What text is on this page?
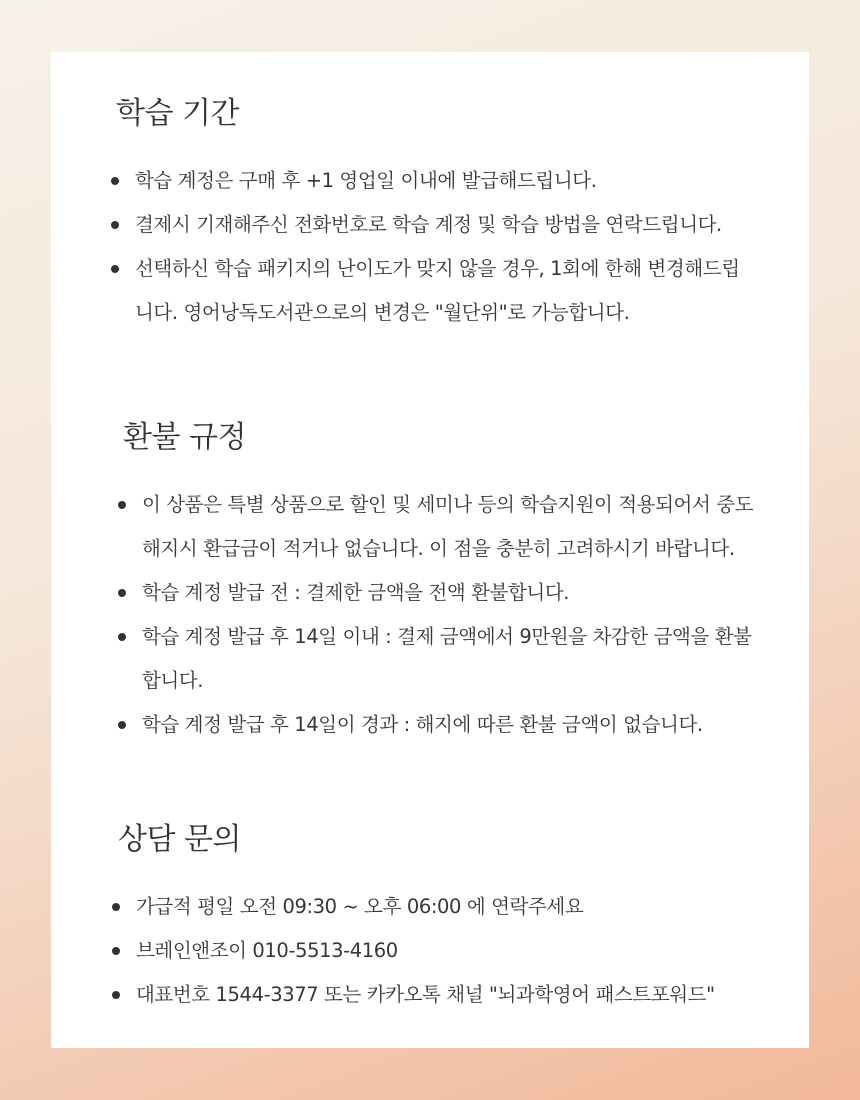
학습 기간
학습 계정은 구매 후 +1 영업일 이내에 발급해드립니다.
결제시 기재해주신 전화번호로 학습 계정 및 학습 방법을 연락드립니다.
선택하신 학습 패키지의 난이도가 맞지 않을 경우, 1회에 한해 변경해드립
니다. 영어낭독도서관으로의 변경은 "월단위"로 가능합니다.
환불 규정
이 상품은 특별 상품으로 할인 및 세미나 등의 학습지원이 적용되어서 중도
해지시 환급금이 적거나 없습니다. 이 점을 충분히 고려하시기 바랍니다.
학습 계정 발급 전 : 결제한 금액을 전액 환불합니다.
학습 계정 발급 후 14일 이내 : 결제 금액에서 9만원을 차감한 금액을 환불
합니다.
학습 계정 발급 후 14일이 경과 : 해지에 따른 환불 금액이 없습니다.
상담 문의
가급적 평일 오전 09:30 ~ 오후 06:00 에 연락주세요
브레인앤조이 010-5513-4160
대표번호 1544-3377 또는 카카오톡 채널 "뇌과학영어 패스트포워드"
